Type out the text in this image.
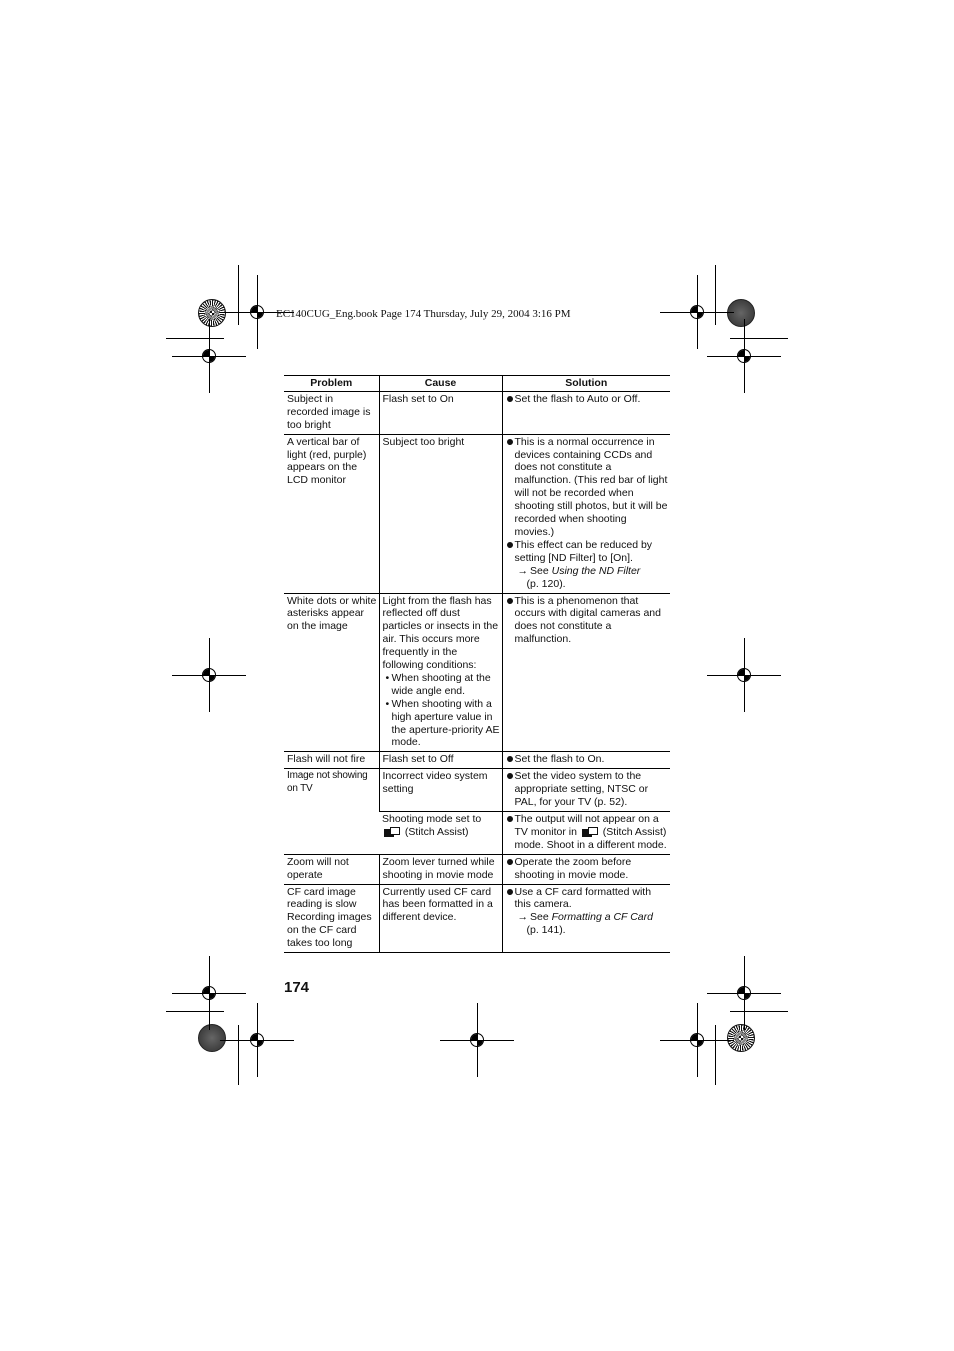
EC140CUG_Eng.book Page 174 Thursday, July 29, 2004 3:16 PM
Problem	Cause	Solution
Subject in recorded image is too bright	Flash set to On	Set the flash to Auto or Off.

A vertical bar of light (red, purple) appears on the LCD monitor	Subject too bright	This is a normal occurrence in devices containing CCDs and does not constitute a malfunction. (This red bar of light will not be recorded when shooting still photos, but it will be recorded when shooting movies.)
This effect can be reduced by setting [ND Filter] to [On].
→ See Using the ND Filter
(p. 120).

White dots or white asterisks appear on the image	Light from the flash has reflected off dust particles or insects in the air. This occurs more frequently in the following conditions:
• When shooting at the wide angle end.
• When shooting with a high aperture value in the aperture-priority AE mode.	This is a phenomenon that occurs with digital cameras and does not constitute a malfunction.

Flash will not fire	Flash set to Off	Set the flash to On.

Image not showing on TV	Incorrect video system setting	Set the video system to the appropriate setting, NTSC or PAL, for your TV (p. 52).

	Shooting mode set to
(Stitch Assist)	The output will not appear on a TV monitor in (Stitch Assist) mode. Shoot in a different mode.

Zoom will not operate	Zoom lever turned while shooting in movie mode	Operate the zoom before shooting in movie mode.

CF card image reading is slow Recording images on the CF card takes too long	Currently used CF card has been formatted in a different device.	Use a CF card formatted with this camera.
→ See Formatting a CF Card
(p. 141).
174
